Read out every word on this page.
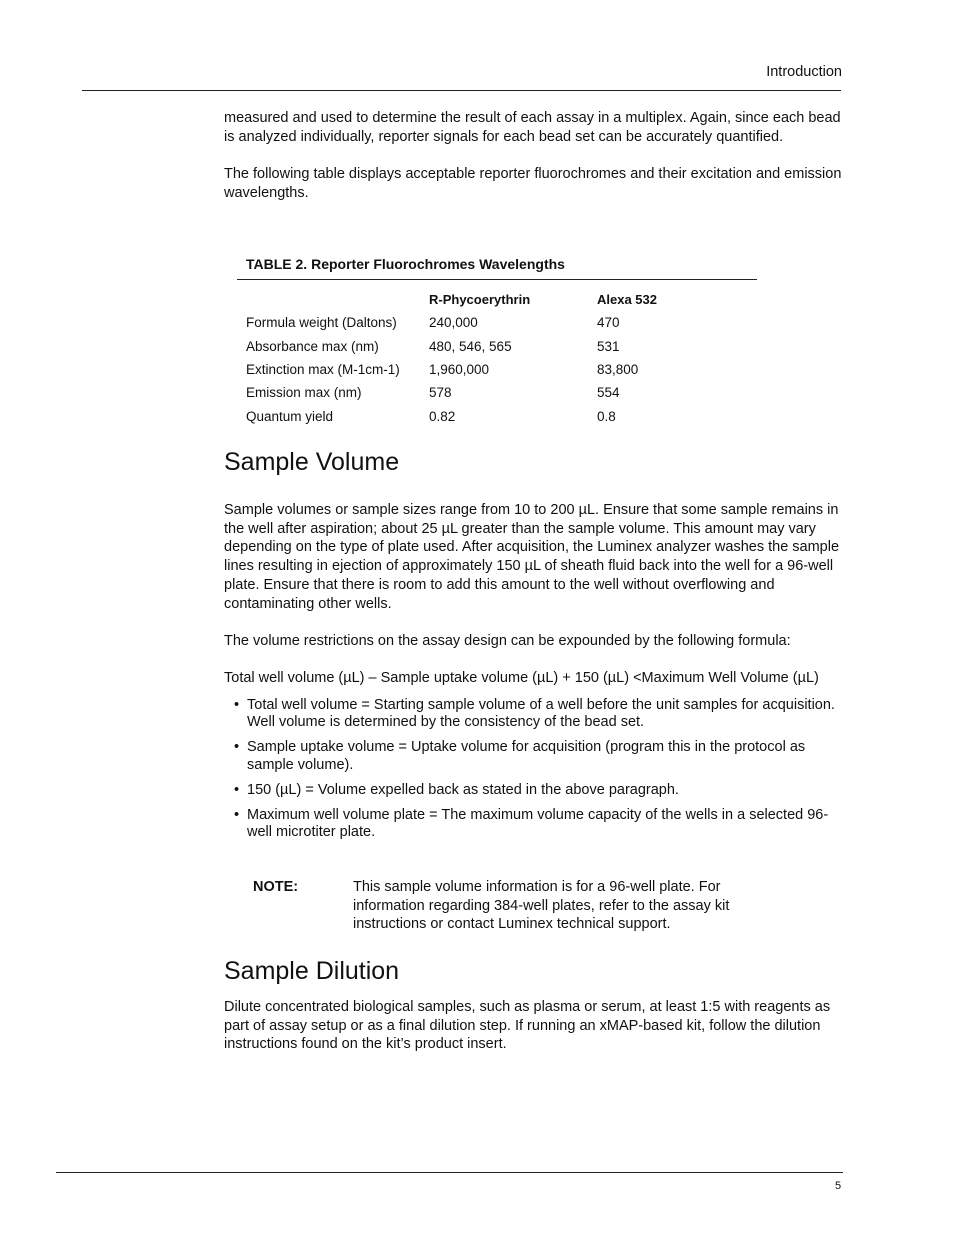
Introduction

measured and used to determine the result of each assay in a multiplex. Again, since each bead is analyzed individually, reporter signals for each bead set can be accurately quantified.

The following table displays acceptable reporter fluorochromes and their excitation and emission wavelengths.

TABLE 2. Reporter Fluorochromes Wavelengths
	R-Phycoerythrin	Alexa 532
Formula weight (Daltons)	240,000	470
Absorbance max (nm)	480, 546, 565	531
Extinction max (M-1cm-1)	1,960,000	83,800
Emission max (nm)	578	554
Quantum yield	0.82	0.8
Sample Volume

Sample volumes or sample sizes range from 10 to 200 µL. Ensure that some sample remains in the well after aspiration; about 25 µL greater than the sample volume. This amount may vary depending on the type of plate used. After acquisition, the Luminex analyzer washes the sample lines resulting in ejection of approximately 150 µL of sheath fluid back into the well for a 96-well plate. Ensure that there is room to add this amount to the well without overflowing and contaminating other wells.

The volume restrictions on the assay design can be expounded by the following formula:

Total well volume (µL) – Sample uptake volume (µL) + 150 (µL) <Maximum Well Volume (µL)

• Total well volume = Starting sample volume of a well before the unit samples for acquisition. Well volume is determined by the consistency of the bead set.
• Sample uptake volume = Uptake volume for acquisition (program this in the protocol as sample volume).
• 150 (µL) = Volume expelled back as stated in the above paragraph.
• Maximum well volume plate = The maximum volume capacity of the wells in a selected 96-well microtiter plate.
NOTE:	This sample volume information is for a 96-well plate. For information regarding 384-well plates, refer to the assay kit instructions or contact Luminex technical support.
Sample Dilution

Dilute concentrated biological samples, such as plasma or serum, at least 1:5 with reagents as part of assay setup or as a final dilution step. If running an xMAP-based kit, follow the dilution instructions found on the kit’s product insert.

5
